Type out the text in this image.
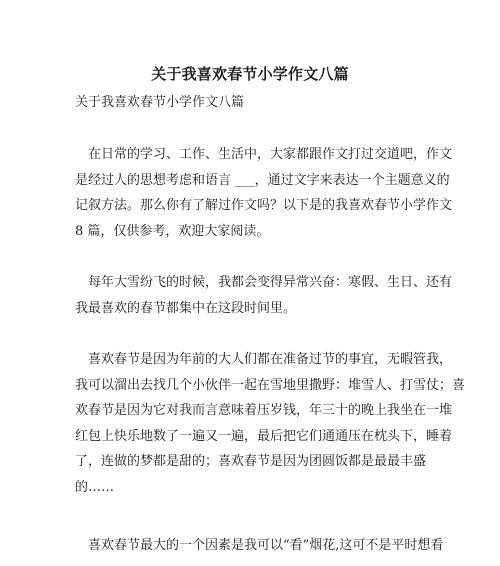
关于我喜欢春节小学作文八篇
关于我喜欢春节小学作文八篇
在日常的学习、工作、生活中，大家都跟作文打过交道吧，作文
是经过人的思想考虑和语言 ___，通过文字来表达一个主题意义的
记叙方法。那么你有了解过作文吗？以下是的我喜欢春节小学作文
8 篇，仅供参考，欢迎大家阅读。
每年大雪纷飞的时候，我都会变得异常兴奋：寒假、生日、还有
我最喜欢的春节都集中在这段时间里。
喜欢春节是因为年前的大人们都在准备过节的事宜，无暇管我，
我可以溜出去找几个小伙伴一起在雪地里撒野：堆雪人、打雪仗；喜
欢春节是因为它对我而言意味着压岁钱，年三十的晚上我坐在一堆
红包上快乐地数了一遍又一遍，最后把它们通通压在枕头下，睡着
了，连做的梦都是甜的；喜欢春节是因为团圆饭都是最最丰盛
的……
喜欢春节最大的一个因素是我可以“看”烟花,这可不是平时想看
